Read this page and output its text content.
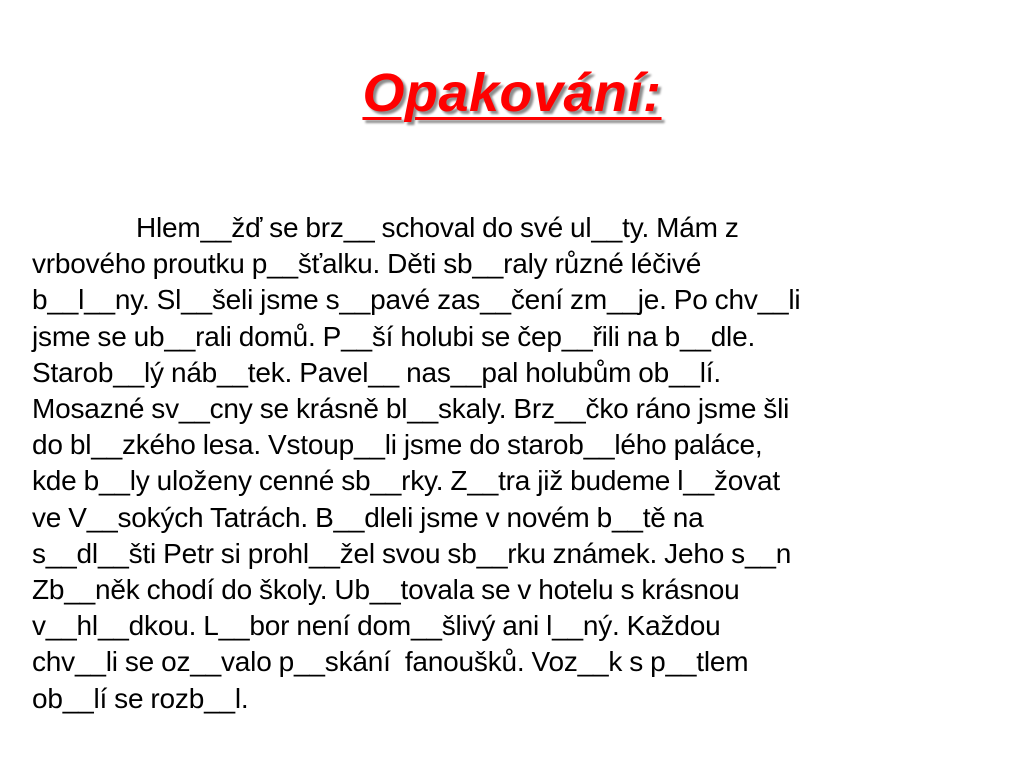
Opakování:
Hlem__žď se brz__ schoval do své ul__ty. Mám z
vrbového proutku p__šťalku. Děti sb__raly různé léčivé
b__l__ny. Sl__šeli jsme s__pavé zas__čení zm__je. Po chv__li
jsme se ub__rali domů. P__ší holubi se čep__řili na b__dle.
Starob__lý náb__tek. Pavel__ nas__pal holubům ob__lí.
Mosazné sv__cny se krásně bl__skaly. Brz__čko ráno jsme šli
do bl__zkého lesa. Vstoup__li jsme do starob__lého paláce,
kde b__ly uloženy cenné sb__rky. Z__tra již budeme l__žovat
ve V__sokých Tatrách. B__dleli jsme v novém b__tě na
s__dl__šti Petr si prohl__žel svou sb__rku známek. Jeho s__n
Zb__něk chodí do školy. Ub__tovala se v hotelu s krásnou
v__hl__dkou. L__bor není dom__šlivý ani l__ný. Každou
chv__li se oz__valo p__skání  fanoušků. Voz__k s p__tlem
ob__lí se rozb__l.
